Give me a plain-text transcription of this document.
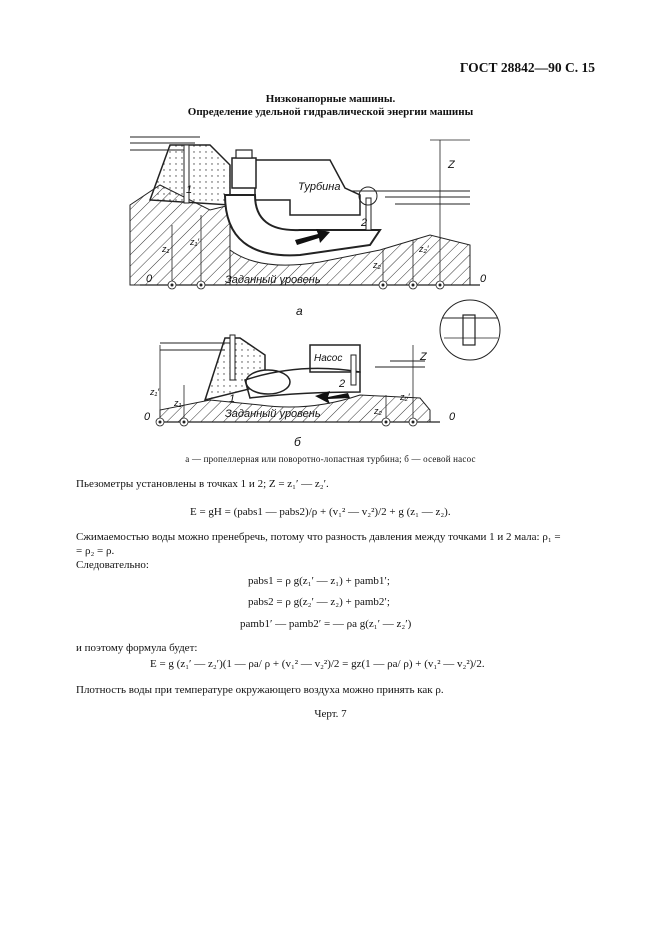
ГОСТ 28842—90 С. 15
Низконапорные машины.
Определение удельной гидравлической энергии машины
Турбина
Заданный уровень
1
2
0	0
Z
z₁
z₁′
z₂
z₂′
а
Насос
Заданный уровень
1
2
0	0
Z
z₁′
z₁
z₂
z₂′
б
а — пропеллерная или поворотно-лопастная турбина; б — осевой насос
Пьезометры установлены в точках 1 и 2; Z = z₁′ — z₂′.
E = gH = (pabs1 — pabs2)/ρ + (v₁² — v₂²)/2 + g (z₁ — z₂).
Сжимаемостью воды можно пренебречь, потому что разность давления между точками 1 и 2 мала: ρ₁ =
= ρ₂ = ρ.
Следовательно:
pabs1 = ρ g(z₁′ — z₁) + pamb1′;
pabs2 = ρ g(z₂′ — z₂) + pamb2′;
pamb1′ — pamb2′ = — ρa g(z₁′ — z₂′)
и поэтому формула будет:
E = g (z₁′ — z₂′)(1 — ρa/ ρ + (v₁² — v₂²)/2 = gz(1 — ρa/ ρ) + (v₁² — v₂²)/2.
Плотность воды при температуре окружающего воздуха можно принять как ρ.
Черт. 7
